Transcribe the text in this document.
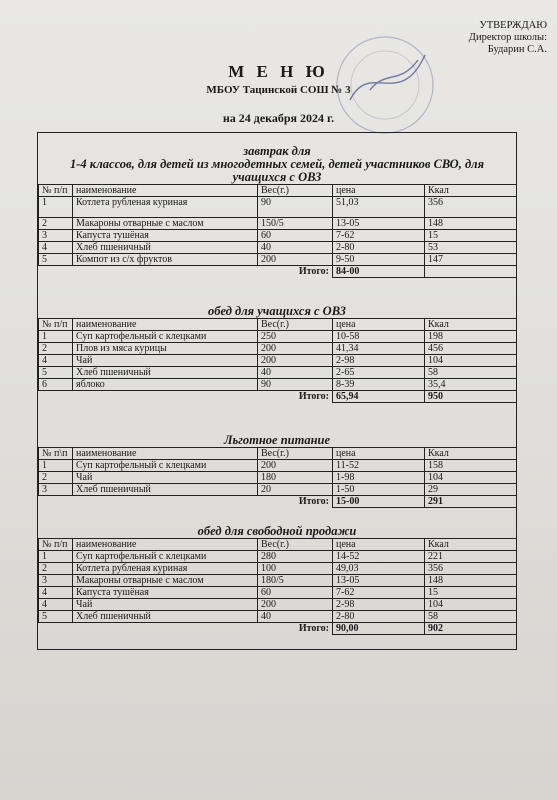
УТВЕРЖДАЮ
Директор школы:
Бударин С.А.
М Е Н Ю
МБОУ Тацинской СОШ № 3
на 24 декабря 2024 г.
завтрак для
1-4 классов, для детей из многодетных семей, детей участников СВО, для
учащихся с ОВЗ
№ п/п	наименование	Вес(г.)	цена	Ккал
1	Котлета рубленая куриная	90	51,03	356
2	Макароны отварные с маслом	150/5	13-05	148
3	Капуста тушёная	60	7-62	15
4	Хлеб пшеничный	40	2-80	53
5	Компот из с/х фруктов	200	9-50	147
		Итого:	84-00	
обед для учащихся с ОВЗ
№ п/п	наименование	Вес(г.)	цена	Ккал
1	Суп картофельный с клецками	250	10-58	198
2	Плов из мяса курицы	200	41,34	456
4	Чай	200	2-98	104
5	Хлеб пшеничный	40	2-65	58
6	яблоко	90	8-39	35,4
		Итого:	65,94	950
Льготное питание
№ п\п	наименование	Вес(г.)	цена	Ккал
1	Суп картофельный с клецками	200	11-52	158
2	Чай	180	1-98	104
3	Хлеб пшеничный	20	1-50	29
		Итого:	15-00	291
обед для свободной продажи
№ п/п	наименование	Вес(г.)	цена	Ккал
1	Суп картофельный с клецками	280	14-52	221
2	Котлета рубленая куриная	100	49,03	356
3	Макароны отварные с маслом	180/5	13-05	148
4	Капуста тушёная	60	7-62	15
4	Чай	200	2-98	104
5	Хлеб пшеничный	40	2-80	58
		Итого:	90,00	902
